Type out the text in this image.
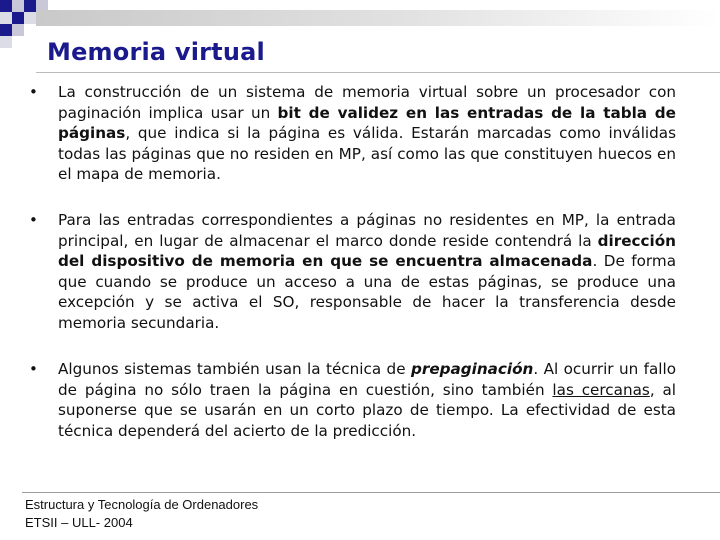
Memoria virtual
• La construcción de un sistema de memoria virtual sobre un procesador con paginación implica usar un bit de validez en las entradas de la tabla de páginas, que indica si la página es válida. Estarán marcadas como inválidas todas las páginas que no residen en MP, así como las que constituyen huecos en el mapa de memoria.

• Para las entradas correspondientes a páginas no residentes en MP, la entrada principal, en lugar de almacenar el marco donde reside contendrá la dirección del dispositivo de memoria en que se encuentra almacenada. De forma que cuando se produce un acceso a una de estas páginas, se produce una excepción y se activa el SO, responsable de hacer la transferencia desde memoria secundaria.

• Algunos sistemas también usan la técnica de prepaginación. Al ocurrir un fallo de página no sólo traen la página en cuestión, sino también las cercanas, al suponerse que se usarán en un corto plazo de tiempo. La efectividad de esta técnica dependerá del acierto de la predicción.

Estructura y Tecnología de Ordenadores
ETSII – ULL- 2004
